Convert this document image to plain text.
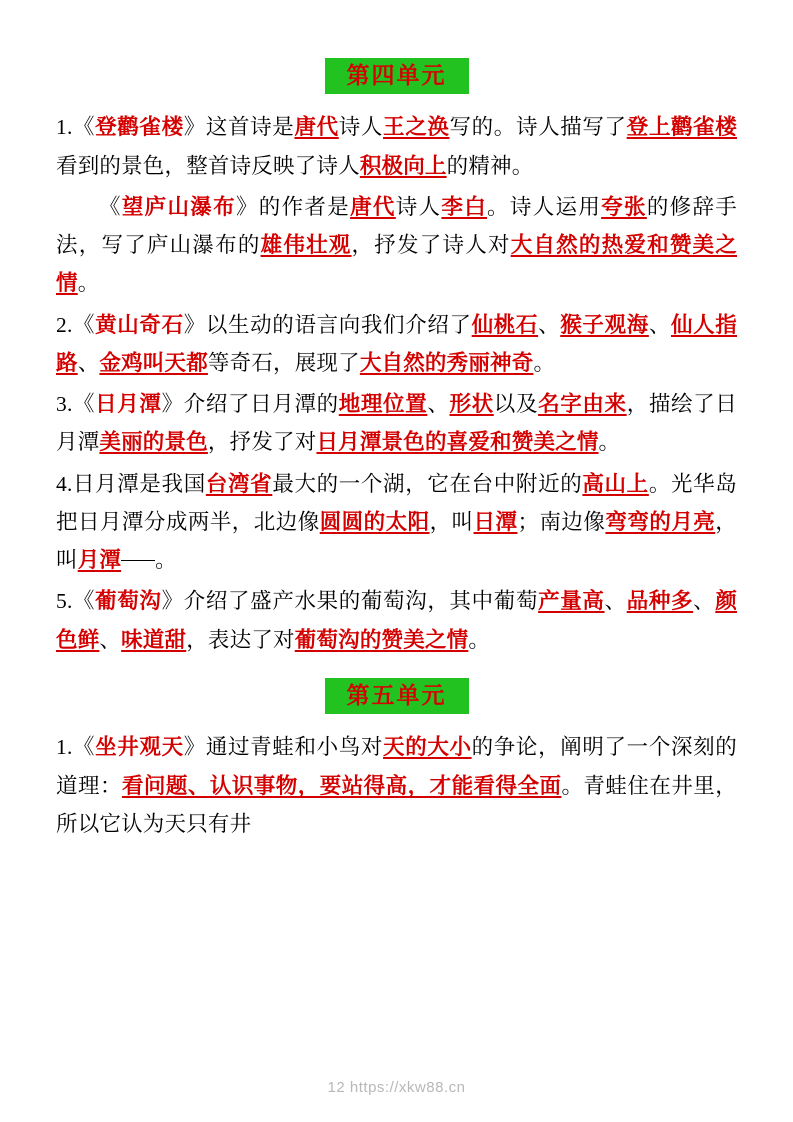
第四单元

1.《登鹳雀楼》这首诗是唐代诗人王之涣写的。诗人描写了登上鹳雀楼看到的景色，整首诗反映了诗人积极向上的精神。

《望庐山瀑布》的作者是唐代诗人李白。诗人运用夸张的修辞手法，写了庐山瀑布的雄伟壮观，抒发了诗人对大自然的热爱和赞美之情。

2.《黄山奇石》以生动的语言向我们介绍了仙桃石、猴子观海、仙人指路、金鸡叫天都等奇石，展现了大自然的秀丽神奇。

3.《日月潭》介绍了日月潭的地理位置、形状以及名字由来，描绘了日月潭美丽的景色，抒发了对日月潭景色的喜爱和赞美之情。

4.日月潭是我国台湾省最大的一个湖，它在台中附近的高山上。光华岛把日月潭分成两半，北边像圆圆的太阳，叫日潭；南边像弯弯的月亮，叫月潭 。

5.《葡萄沟》介绍了盛产水果的葡萄沟，其中葡萄产量高、品种多、颜色鲜、味道甜，表达了对葡萄沟的赞美之情。

第五单元

1.《坐井观天》通过青蛙和小鸟对天的大小的争论，阐明了一个深刻的道理：看问题、认识事物，要站得高，才能看得全面。青蛙住在井里，所以它认为天只有井

12 https://xkw88.cn
